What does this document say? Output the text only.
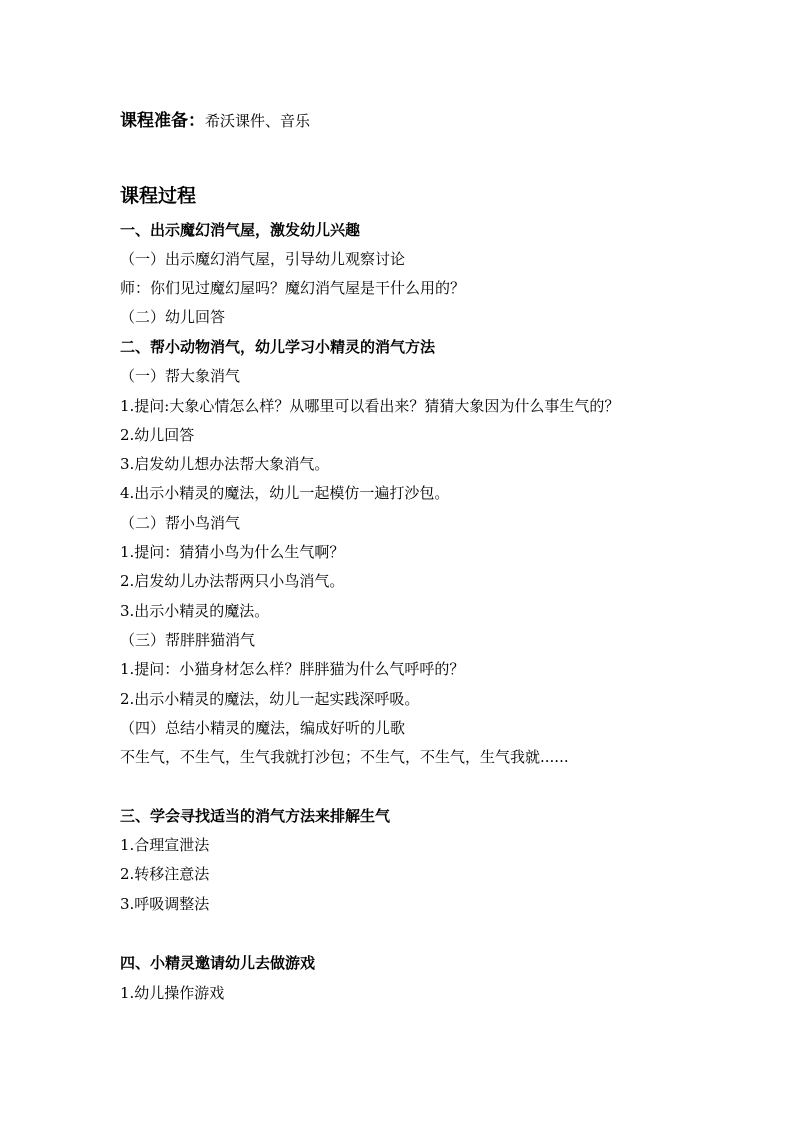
课程准备：希沃课件、音乐
课程过程
一、出示魔幻消气屋，激发幼儿兴趣
（一）出示魔幻消气屋，引导幼儿观察讨论
师：你们见过魔幻屋吗？魔幻消气屋是干什么用的？
（二）幼儿回答
二、帮小动物消气，幼儿学习小精灵的消气方法
（一）帮大象消气
1.提问:大象心情怎么样？从哪里可以看出来？猜猜大象因为什么事生气的？
2.幼儿回答
3.启发幼儿想办法帮大象消气。
4.出示小精灵的魔法，幼儿一起模仿一遍打沙包。
（二）帮小鸟消气
1.提问：猜猜小鸟为什么生气啊？
2.启发幼儿办法帮两只小鸟消气。
3.出示小精灵的魔法。
（三）帮胖胖猫消气
1.提问：小猫身材怎么样？胖胖猫为什么气呼呼的？
2.出示小精灵的魔法，幼儿一起实践深呼吸。
（四）总结小精灵的魔法，编成好听的儿歌
不生气，不生气，生气我就打沙包；不生气，不生气，生气我就......
三、学会寻找适当的消气方法来排解生气
1.合理宣泄法
2.转移注意法
3.呼吸调整法
四、小精灵邀请幼儿去做游戏
1.幼儿操作游戏
